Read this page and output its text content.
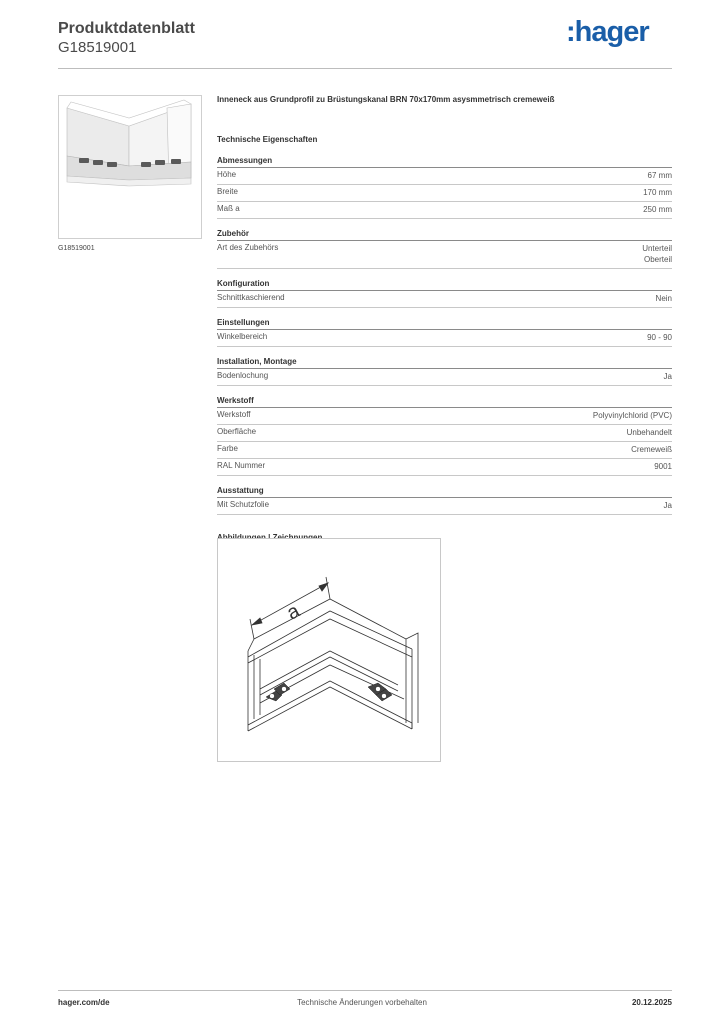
Produktdatenblatt
G18519001	:hager
G18519001
Inneneck aus Grundprofil zu Brüstungskanal BRN 70x170mm asysmmetrisch cremeweiß
Technische Eigenschaften
Abmessungen
Höhe	67 mm
Breite	170 mm
Maß a	250 mm
Zubehör
Art des Zubehörs	Unterteil
Oberteil
Konfiguration
Schnittkaschierend	Nein
Einstellungen
Winkelbereich	90 - 90
Installation, Montage
Bodenlochung	Ja
Werkstoff
Werkstoff	Polyvinylchlorid (PVC)
Oberfläche	Unbehandelt
Farbe	Cremeweiß
RAL Nummer	9001
Ausstattung
Mit Schutzfolie	Ja
a
hager.com/de	Technische Änderungen vorbehalten	20.12.2025
